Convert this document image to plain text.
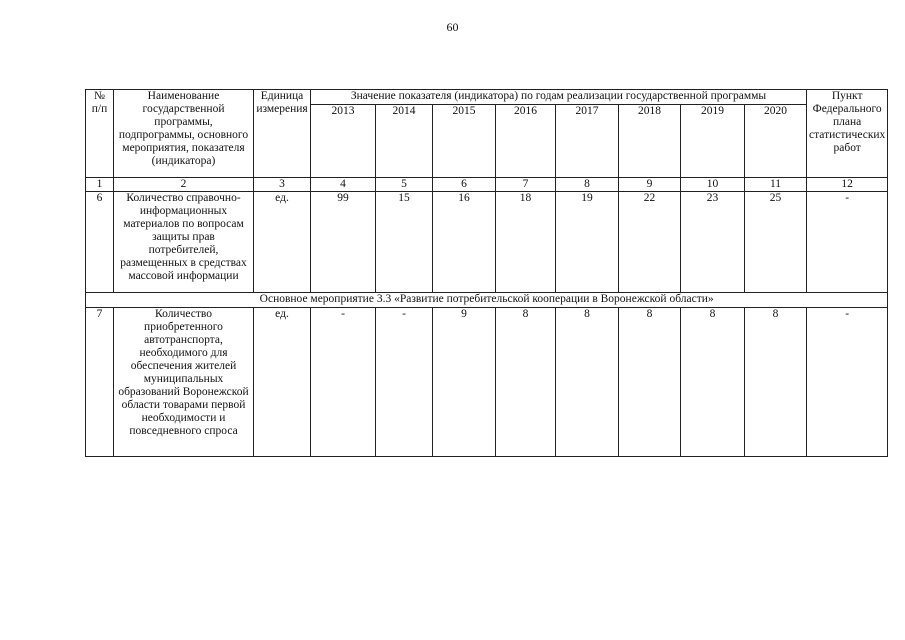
60
№ п/п	Наименование государственной программы, подпрограммы, основного мероприятия, показателя (индикатора)	Единица измерения	Значение показателя (индикатора) по годам реализации государственной программы								Пункт Федерального плана статистических работ
			2013	2014	2015	2016	2017	2018	2019	2020	
1	2	3	4	5	6	7	8	9	10	11	12
6	Количество справочно-информационных материалов по вопросам защиты прав потребителей, размещенных в средствах массовой информации	ед.	99	15	16	18	19	22	23	25	-
Основное мероприятие 3.3 «Развитие потребительской кооперации в Воронежской области»											
7	Количество приобретенного автотранспорта, необходимого для обеспечения жителей муниципальных образований Воронежской области товарами первой необходимости и повседневного спроса	ед.	-	-	9	8	8	8	8	8	-
